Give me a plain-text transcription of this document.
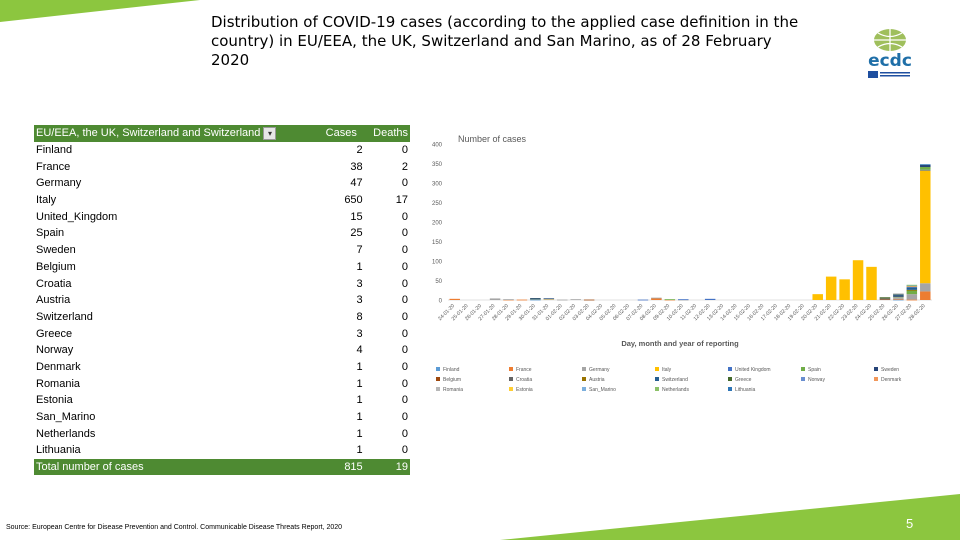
Distribution of COVID-19 cases (according to the applied case definition in the country) in EU/EEA, the UK, Switzerland and San Marino, as of 28 February 2020	ecdc
EU/EEA, the UK, Switzerland and Switzerland ▾	Cases	Deaths
Finland	2	0
France	38	2
Germany	47	0
Italy	650	17
United_Kingdom	15	0
Spain	25	0
Sweden	7	0
Belgium	1	0
Croatia	3	0
Austria	3	0
Switzerland	8	0
Greece	3	0
Norway	4	0
Denmark	1	0
Romania	1	0
Estonia	1	0
San_Marino	1	0
Netherlands	1	0
Lithuania	1	0
Total number of cases	815	19
Number of cases
0
50
100
150
200
250
300
350
400
24-01-20
25-01-20
26-01-20
27-01-20
28-01-20
29-01-20
30-01-20
31-01-20
01-02-20
02-02-20
03-02-20
04-02-20
05-02-20
06-02-20
07-02-20
08-02-20
09-02-20
10-02-20
11-02-20
12-02-20
13-02-20
14-02-20
15-02-20
16-02-20
17-02-20
18-02-20
19-02-20
20-02-20
21-02-20
22-02-20
23-02-20
24-02-20
25-02-20
26-02-20
27-02-20
28-02-20
Day, month and year of reporting
Finland	France	Germany	Italy	United Kingdom	Spain	Sweden
Belgium	Croatia	Austria	Switzerland	Greece	Norway	Denmark
Romania	Estonia	San_Marino	Netherlands	Lithuania
Source: European Centre for Disease Prevention and Control. Communicable Disease Threats Report, 2020	5
